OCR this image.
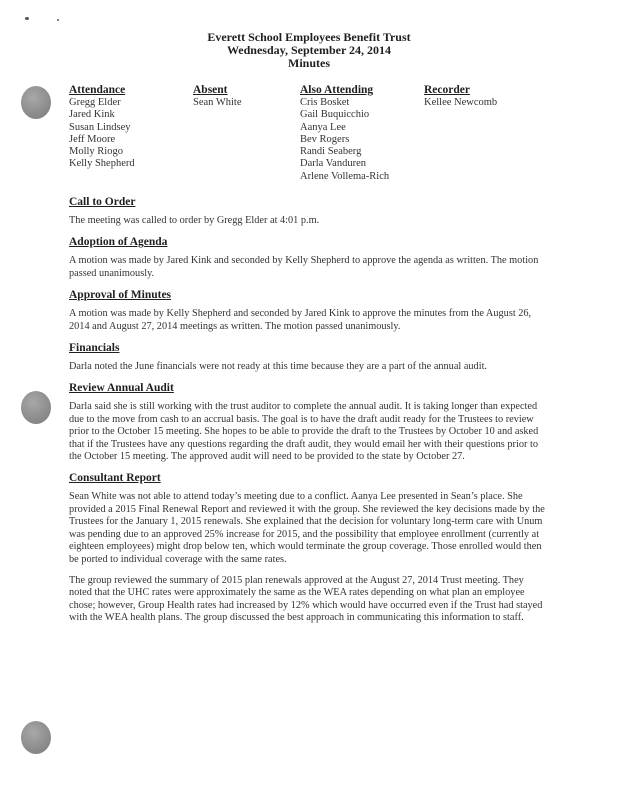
Everett School Employees Benefit Trust
Wednesday, September 24, 2014
Minutes
Attendance
Gregg Elder
Jared Kink
Susan Lindsey
Jeff Moore
Molly Riogo
Kelly Shepherd
Absent
Sean White
Also Attending
Cris Bosket
Gail Buquicchio
Aanya Lee
Bev Rogers
Randi Seaberg
Darla Vanduren
Arlene Vollema-Rich
Recorder
Kellee Newcomb
Call to Order

The meeting was called to order by Gregg Elder at 4:01 p.m.

Adoption of Agenda

A motion was made by Jared Kink and seconded by Kelly Shepherd to approve the agenda as written. The motion passed unanimously.

Approval of Minutes

A motion was made by Kelly Shepherd and seconded by Jared Kink to approve the minutes from the August 26, 2014 and August 27, 2014 meetings as written. The motion passed unanimously.

Financials

Darla noted the June financials were not ready at this time because they are a part of the annual audit.

Review Annual Audit

Darla said she is still working with the trust auditor to complete the annual audit. It is taking longer than expected due to the move from cash to an accrual basis. The goal is to have the draft audit ready for the Trustees to review prior to the October 15 meeting. She hopes to be able to provide the draft to the Trustees by October 10 and asked that if the Trustees have any questions regarding the draft audit, they would email her with their questions prior to the October 15 meeting. The approved audit will need to be provided to the state by October 27.

Consultant Report

Sean White was not able to attend today’s meeting due to a conflict. Aanya Lee presented in Sean’s place. She provided a 2015 Final Renewal Report and reviewed it with the group. She reviewed the key decisions made by the Trustees for the January 1, 2015 renewals. She explained that the decision for voluntary long-term care with Unum was pending due to an approved 25% increase for 2015, and the possibility that employee enrollment (currently at eighteen employees) might drop below ten, which would terminate the group coverage. Those enrolled would then be ported to individual coverage with the same rates.

The group reviewed the summary of 2015 plan renewals approved at the August 27, 2014 Trust meeting. They noted that the UHC rates were approximately the same as the WEA rates depending on what plan an employee chose; however, Group Health rates had increased by 12% which would have occurred even if the Trust had stayed with the WEA health plans. The group discussed the best approach in communicating this information to staff.
